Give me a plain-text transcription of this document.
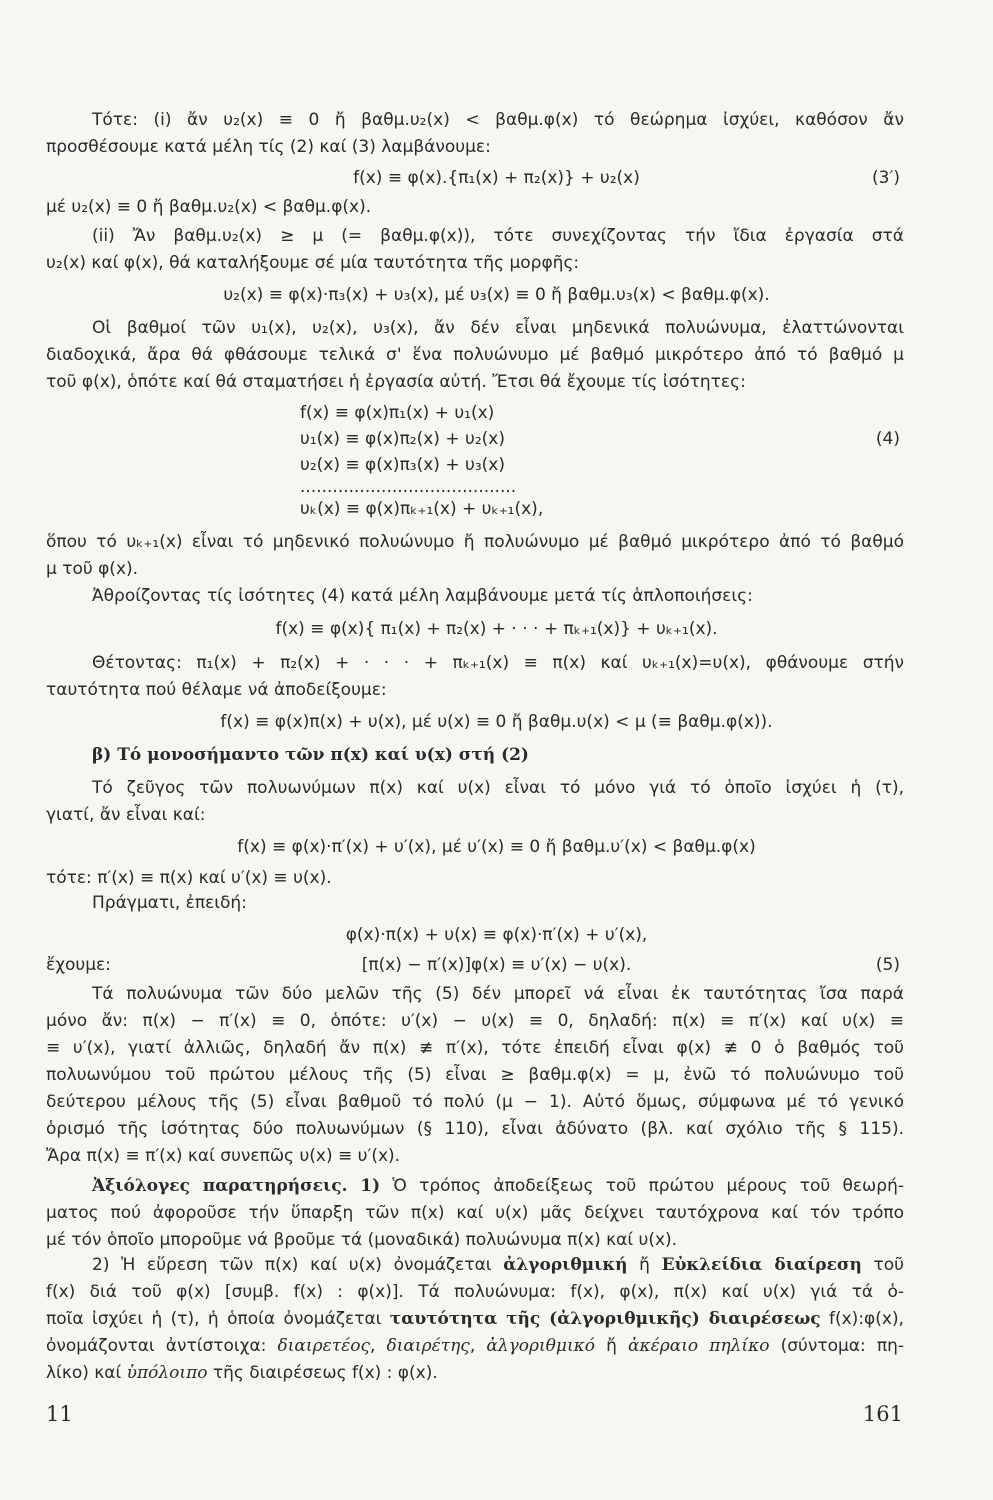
Τότε: (i) ἄν υ₂(x) ≡ 0 ἤ βαθμ.υ₂(x) < βαθμ.φ(x) τό θεώρημα ἰσχύει, καθόσον ἄν
προσθέσουμε κατά μέλη τίς (2) καί (3) λαμβάνουμε:
f(x) ≡ φ(x).{π₁(x) + π₂(x)} + υ₂(x)	(3′)
μέ υ₂(x) ≡ 0 ἤ βαθμ.υ₂(x) < βαθμ.φ(x).
(ii) Ἄν βαθμ.υ₂(x) ≥ μ (= βαθμ.φ(x)), τότε συνεχίζοντας τήν ἴδια ἐργασία στά
υ₂(x) καί φ(x), θά καταλήξουμε σέ μία ταυτότητα τῆς μορφῆς:
υ₂(x) ≡ φ(x)·π₃(x) + υ₃(x), μέ υ₃(x) ≡ 0 ἤ βαθμ.υ₃(x) < βαθμ.φ(x).
Οἱ βαθμοί τῶν υ₁(x), υ₂(x), υ₃(x), ἄν δέν εἶναι μηδενικά πολυώνυμα, ἐλαττώνονται
διαδοχικά, ἄρα θά φθάσουμε τελικά σ' ἕνα πολυώνυμο μέ βαθμό μικρότερο ἀπό τό βαθμό μ
τοῦ φ(x), ὁπότε καί θά σταματήσει ἡ ἐργασία αὐτή. Ἔτσι θά ἔχουμε τίς ἰσότητες:
f(x) ≡ φ(x)π₁(x) + υ₁(x)
υ₁(x) ≡ φ(x)π₂(x) + υ₂(x)	(4)
υ₂(x) ≡ φ(x)π₃(x) + υ₃(x)
........................................
υₖ(x) ≡ φ(x)πₖ₊₁(x) + υₖ₊₁(x),
ὅπου τό υₖ₊₁(x) εἶναι τό μηδενικό πολυώνυμο ἤ πολυώνυμο μέ βαθμό μικρότερο ἀπό τό βαθμό
μ τοῦ φ(x).
Ἀθροίζοντας τίς ἰσότητες (4) κατά μέλη λαμβάνουμε μετά τίς ἁπλοποιήσεις:
f(x) ≡ φ(x){ π₁(x) + π₂(x) + · · · + πₖ₊₁(x)} + υₖ₊₁(x).
Θέτοντας: π₁(x) + π₂(x) + · · · + πₖ₊₁(x) ≡ π(x) καί υₖ₊₁(x)=υ(x), φθάνουμε στήν
ταυτότητα πού θέλαμε νά ἀποδείξουμε:
f(x) ≡ φ(x)π(x) + υ(x), μέ υ(x) ≡ 0 ἤ βαθμ.υ(x) < μ (≡ βαθμ.φ(x)).
β) Τό μονοσήμαντο τῶν π(x) καί υ(x) στή (2)
Τό ζεῦγος τῶν πολυωνύμων π(x) καί υ(x) εἶναι τό μόνο γιά τό ὁποῖο ἰσχύει ἡ (τ),
γιατί, ἄν εἶναι καί:
f(x) ≡ φ(x)·π′(x) + υ′(x), μέ υ′(x) ≡ 0 ἤ βαθμ.υ′(x) < βαθμ.φ(x)
τότε: π′(x) ≡ π(x) καί υ′(x) ≡ υ(x).
Πράγματι, ἐπειδή:
φ(x)·π(x) + υ(x) ≡ φ(x)·π′(x) + υ′(x),
ἔχουμε:	[π(x) − π′(x)]φ(x) ≡ υ′(x) − υ(x).	(5)
Τά πολυώνυμα τῶν δύο μελῶν τῆς (5) δέν μπορεῖ νά εἶναι ἐκ ταυτότητας ἴσα παρά
μόνο ἄν: π(x) − π′(x) ≡ 0, ὁπότε: υ′(x) − υ(x) ≡ 0, δηλαδή: π(x) ≡ π′(x) καί υ(x) ≡
≡ υ′(x), γιατί ἀλλιῶς, δηλαδή ἄν π(x) ≢ π′(x), τότε ἐπειδή εἶναι φ(x) ≢ 0 ὁ βαθμός τοῦ
πολυωνύμου τοῦ πρώτου μέλους τῆς (5) εἶναι ≥ βαθμ.φ(x) = μ, ἐνῶ τό πολυώνυμο τοῦ
δεύτερου μέλους τῆς (5) εἶναι βαθμοῦ τό πολύ (μ − 1). Αὐτό ὅμως, σύμφωνα μέ τό γενικό
ὁρισμό τῆς ἰσότητας δύο πολυωνύμων (§ 110), εἶναι ἀδύνατο (βλ. καί σχόλιο τῆς § 115).
Ἄρα π(x) ≡ π′(x) καί συνεπῶς υ(x) ≡ υ′(x).
Ἀξιόλογες παρατηρήσεις. 1) Ὁ τρόπος ἀποδείξεως τοῦ πρώτου μέρους τοῦ θεωρή-
ματος πού ἀφοροῦσε τήν ὕπαρξη τῶν π(x) καί υ(x) μᾶς δείχνει ταυτόχρονα καί τόν τρόπο
μέ τόν ὁποῖο μποροῦμε νά βροῦμε τά (μοναδικά) πολυώνυμα π(x) καί υ(x).
2) Ἡ εὕρεση τῶν π(x) καί υ(x) ὀνομάζεται ἀλγοριθμική ἤ Εὐκλείδια διαίρεση τοῦ
f(x) διά τοῦ φ(x) [συμβ. f(x) : φ(x)]. Τά πολυώνυμα: f(x), φ(x), π(x) καί υ(x) γιά τά ὁ-
ποῖα ἰσχύει ἡ (τ), ἡ ὁποία ὀνομάζεται ταυτότητα τῆς (ἀλγοριθμικῆς) διαιρέσεως f(x):φ(x),
ὀνομάζονται ἀντίστοιχα: διαιρετέος, διαιρέτης, ἀλγοριθμικό ἤ ἀκέραιο πηλίκο (σύντομα: πη-
λίκο) καί ὑπόλοιπο τῆς διαιρέσεως f(x) : φ(x).
11	161
